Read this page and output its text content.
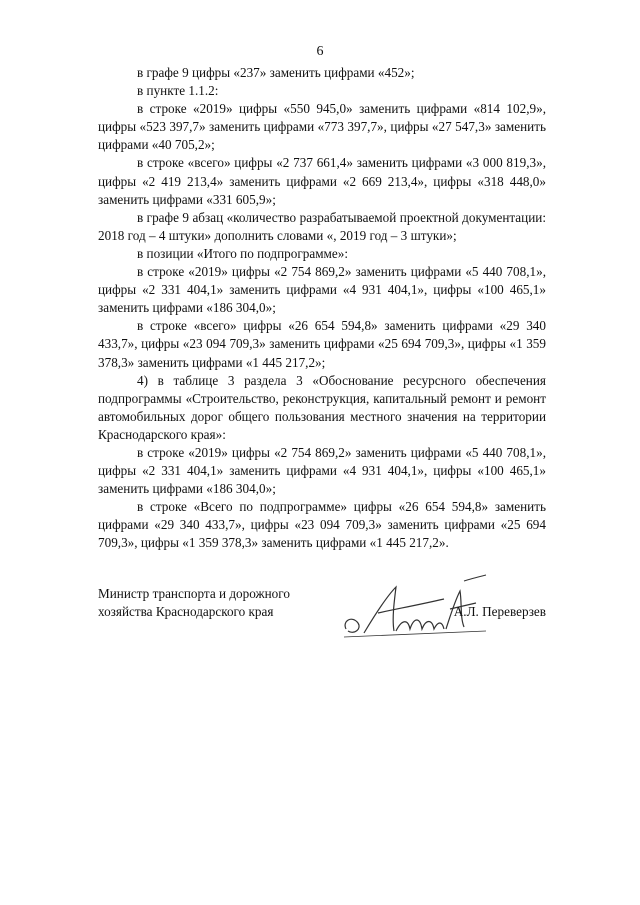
6

в графе 9 цифры «237» заменить цифрами «452»;

в пункте 1.1.2:

в строке «2019» цифры «550 945,0» заменить цифрами «814 102,9», цифры «523 397,7» заменить цифрами «773 397,7», цифры «27 547,3» заменить цифрами «40 705,2»;

в строке «всего» цифры «2 737 661,4» заменить цифрами «3 000 819,3», цифры «2 419 213,4» заменить цифрами «2 669 213,4», цифры «318 448,0» заменить цифрами «331 605,9»;

в графе 9 абзац «количество разрабатываемой проектной документации: 2018 год – 4 штуки» дополнить словами «, 2019 год – 3 штуки»;

в позиции «Итого по подпрограмме»:

в строке «2019» цифры «2 754 869,2» заменить цифрами «5 440 708,1», цифры «2 331 404,1» заменить цифрами «4 931 404,1», цифры «100 465,1» заменить цифрами «186 304,0»;

в строке «всего» цифры «26 654 594,8» заменить цифрами «29 340 433,7», цифры «23 094 709,3» заменить цифрами «25 694 709,3», цифры «1 359 378,3» заменить цифрами «1 445 217,2»;

4) в таблице 3 раздела 3 «Обоснование ресурсного обеспечения подпрограммы «Строительство, реконструкция, капитальный ремонт и ремонт автомобильных дорог общего пользования местного значения на территории Краснодарского края»:

в строке «2019» цифры «2 754 869,2» заменить цифрами «5 440 708,1», цифры «2 331 404,1» заменить цифрами «4 931 404,1», цифры «100 465,1» заменить цифрами «186 304,0»;

в строке «Всего по подпрограмме» цифры «26 654 594,8» заменить цифрами «29 340 433,7», цифры «23 094 709,3» заменить цифрами «25 694 709,3», цифры «1 359 378,3» заменить цифрами «1 445 217,2».

Министр транспорта и дорожного
хозяйства Краснодарского края	А.Л. Переверзев
